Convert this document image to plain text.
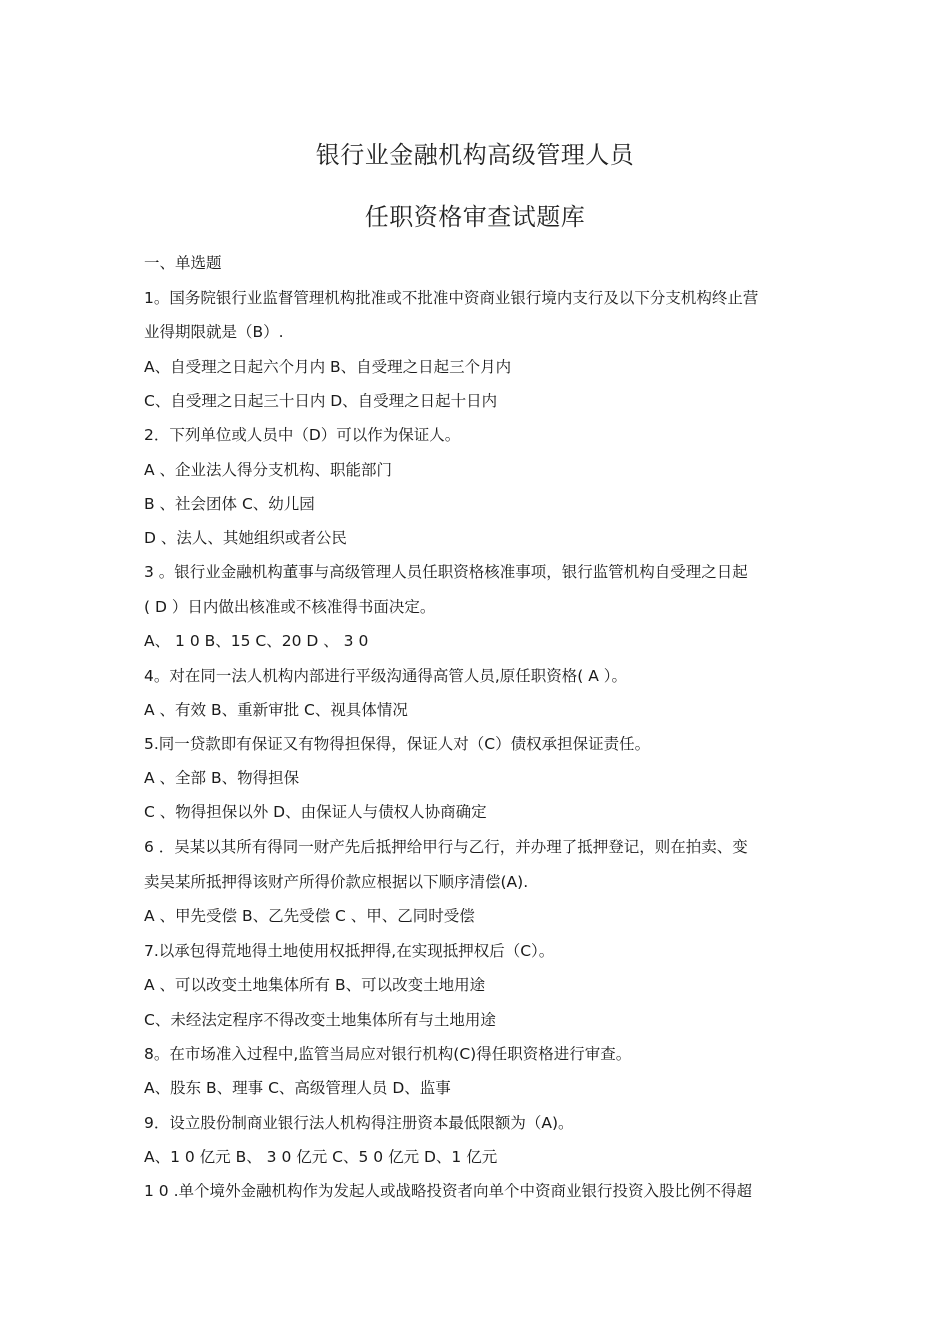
银行业金融机构高级管理人员
任职资格审查试题库
一、单选题
1。国务院银行业监督管理机构批准或不批准中资商业银行境内支行及以下分支机构终止营
业得期限就是（B）.
A、自受理之日起六个月内 B、自受理之日起三个月内
C、自受理之日起三十日内 D、自受理之日起十日内
2．下列单位或人员中（D）可以作为保证人。
A 、企业法人得分支机构、职能部门
B 、社会团体 C、幼儿园
D 、法人、其她组织或者公民
3 。银行业金融机构董事与高级管理人员任职资格核准事项，银行监管机构自受理之日起
( D ）日内做出核准或不核准得书面决定。
A、 1 0 B、15 C、20 D 、 3 0
4。对在同一法人机构内部进行平级沟通得高管人员,原任职资格( A ）。
A 、有效 B、重新审批 C、视具体情况
5.同一贷款即有保证又有物得担保得，保证人对（C）债权承担保证责任。
A 、全部 B、物得担保
C 、物得担保以外 D、由保证人与债权人协商确定
6 ．吴某以其所有得同一财产先后抵押给甲行与乙行，并办理了抵押登记，则在拍卖、变
卖吴某所抵押得该财产所得价款应根据以下顺序清偿(A).
A 、甲先受偿 B、乙先受偿 C 、甲、乙同时受偿
7.以承包得荒地得土地使用权抵押得,在实现抵押权后（C）。
A 、可以改变土地集体所有 B、可以改变土地用途
C、未经法定程序不得改变土地集体所有与土地用途
8。在市场准入过程中,监管当局应对银行机构(C)得任职资格进行审查。
A、股东 B、理事 C、高级管理人员 D、监事
9．设立股份制商业银行法人机构得注册资本最低限额为（A)。
A、1 0 亿元 B、 3 0 亿元 C、5 0 亿元 D、1 亿元
1 0 .单个境外金融机构作为发起人或战略投资者向单个中资商业银行投资入股比例不得超
